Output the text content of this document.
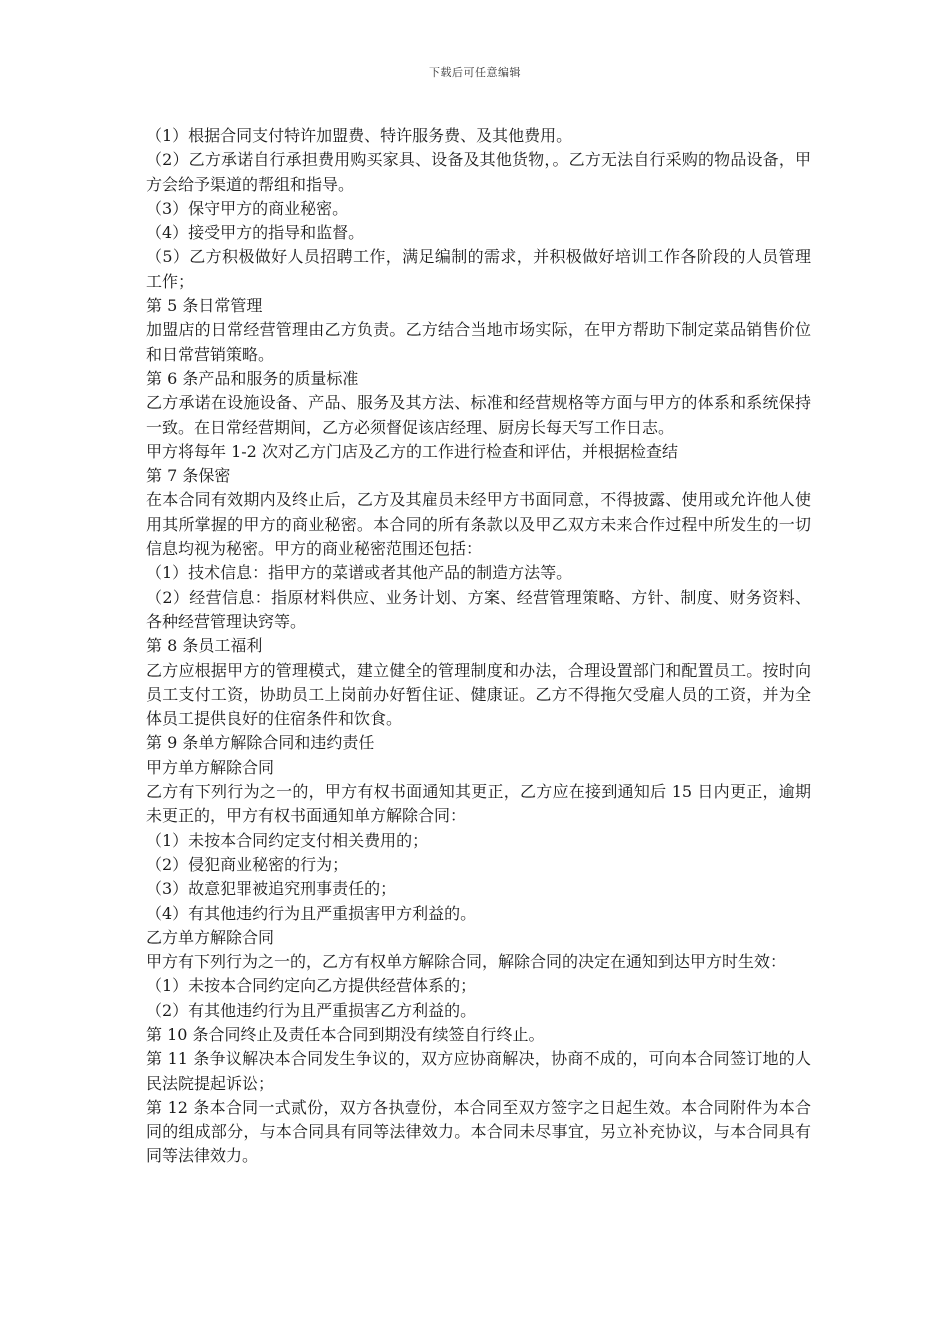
下载后可任意编辑

（1）根据合同支付特许加盟费、特许服务费、及其他费用。

（2）乙方承诺自行承担费用购买家具、设备及其他货物，。乙方无法自行采购的物品设备，甲方会给予渠道的帮组和指导。

（3）保守甲方的商业秘密。

（4）接受甲方的指导和监督。

（5）乙方积极做好人员招聘工作，满足编制的需求，并积极做好培训工作各阶段的人员管理工作；

第 5 条日常管理

加盟店的日常经营管理由乙方负责。乙方结合当地市场实际，在甲方帮助下制定菜品销售价位和日常营销策略。

第 6 条产品和服务的质量标准

乙方承诺在设施设备、产品、服务及其方法、标准和经营规格等方面与甲方的体系和系统保持一致。在日常经营期间，乙方必须督促该店经理、厨房长每天写工作日志。

甲方将每年 1-2 次对乙方门店及乙方的工作进行检查和评估，并根据检查结

第 7 条保密

在本合同有效期内及终止后，乙方及其雇员未经甲方书面同意，不得披露、使用或允许他人使用其所掌握的甲方的商业秘密。本合同的所有条款以及甲乙双方未来合作过程中所发生的一切信息均视为秘密。甲方的商业秘密范围还包括：

（1）技术信息：指甲方的菜谱或者其他产品的制造方法等。

（2）经营信息：指原材料供应、业务计划、方案、经营管理策略、方针、制度、财务资料、各种经营管理诀窍等。

第 8 条员工福利

乙方应根据甲方的管理模式，建立健全的管理制度和办法，合理设置部门和配置员工。按时向员工支付工资，协助员工上岗前办好暂住证、健康证。乙方不得拖欠受雇人员的工资，并为全体员工提供良好的住宿条件和饮食。

第 9 条单方解除合同和违约责任

甲方单方解除合同

乙方有下列行为之一的，甲方有权书面通知其更正，乙方应在接到通知后 15 日内更正，逾期未更正的，甲方有权书面通知单方解除合同：

（1）未按本合同约定支付相关费用的；

（2）侵犯商业秘密的行为；

（3）故意犯罪被追究刑事责任的；

（4）有其他违约行为且严重损害甲方利益的。

乙方单方解除合同

甲方有下列行为之一的，乙方有权单方解除合同，解除合同的决定在通知到达甲方时生效：

（1）未按本合同约定向乙方提供经营体系的；

（2）有其他违约行为且严重损害乙方利益的。

第 10 条合同终止及责任本合同到期没有续签自行终止。

第 11 条争议解决本合同发生争议的，双方应协商解决，协商不成的，可向本合同签订地的人民法院提起诉讼；

第 12 条本合同一式贰份，双方各执壹份，本合同至双方签字之日起生效。本合同附件为本合同的组成部分，与本合同具有同等法律效力。本合同未尽事宜，另立补充协议，与本合同具有同等法律效力。
